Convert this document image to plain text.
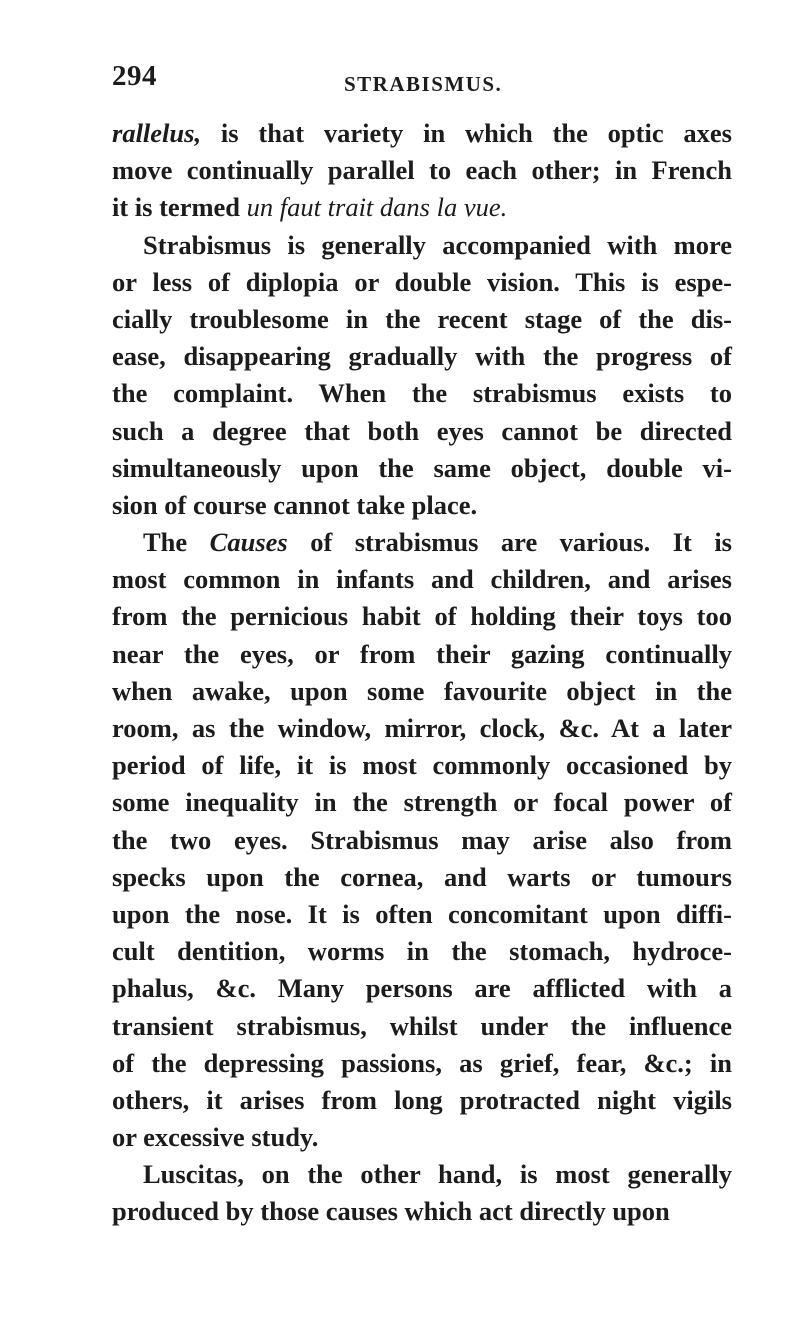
294	STRABISMUS.
rallelus, is that variety in which the optic axes
move continually parallel to each other; in French
it is termed un faut trait dans la vue.
Strabismus is generally accompanied with more
or less of diplopia or double vision. This is espe-
cially troublesome in the recent stage of the dis-
ease, disappearing gradually with the progress of
the complaint. When the strabismus exists to
such a degree that both eyes cannot be directed
simultaneously upon the same object, double vi-
sion of course cannot take place.
The Causes of strabismus are various. It is
most common in infants and children, and arises
from the pernicious habit of holding their toys too
near the eyes, or from their gazing continually
when awake, upon some favourite object in the
room, as the window, mirror, clock, &c. At a later
period of life, it is most commonly occasioned by
some inequality in the strength or focal power of
the two eyes. Strabismus may arise also from
specks upon the cornea, and warts or tumours
upon the nose. It is often concomitant upon diffi-
cult dentition, worms in the stomach, hydroce-
phalus, &c. Many persons are afflicted with a
transient strabismus, whilst under the influence
of the depressing passions, as grief, fear, &c.; in
others, it arises from long protracted night vigils
or excessive study.
Luscitas, on the other hand, is most generally
produced by those causes which act directly upon
